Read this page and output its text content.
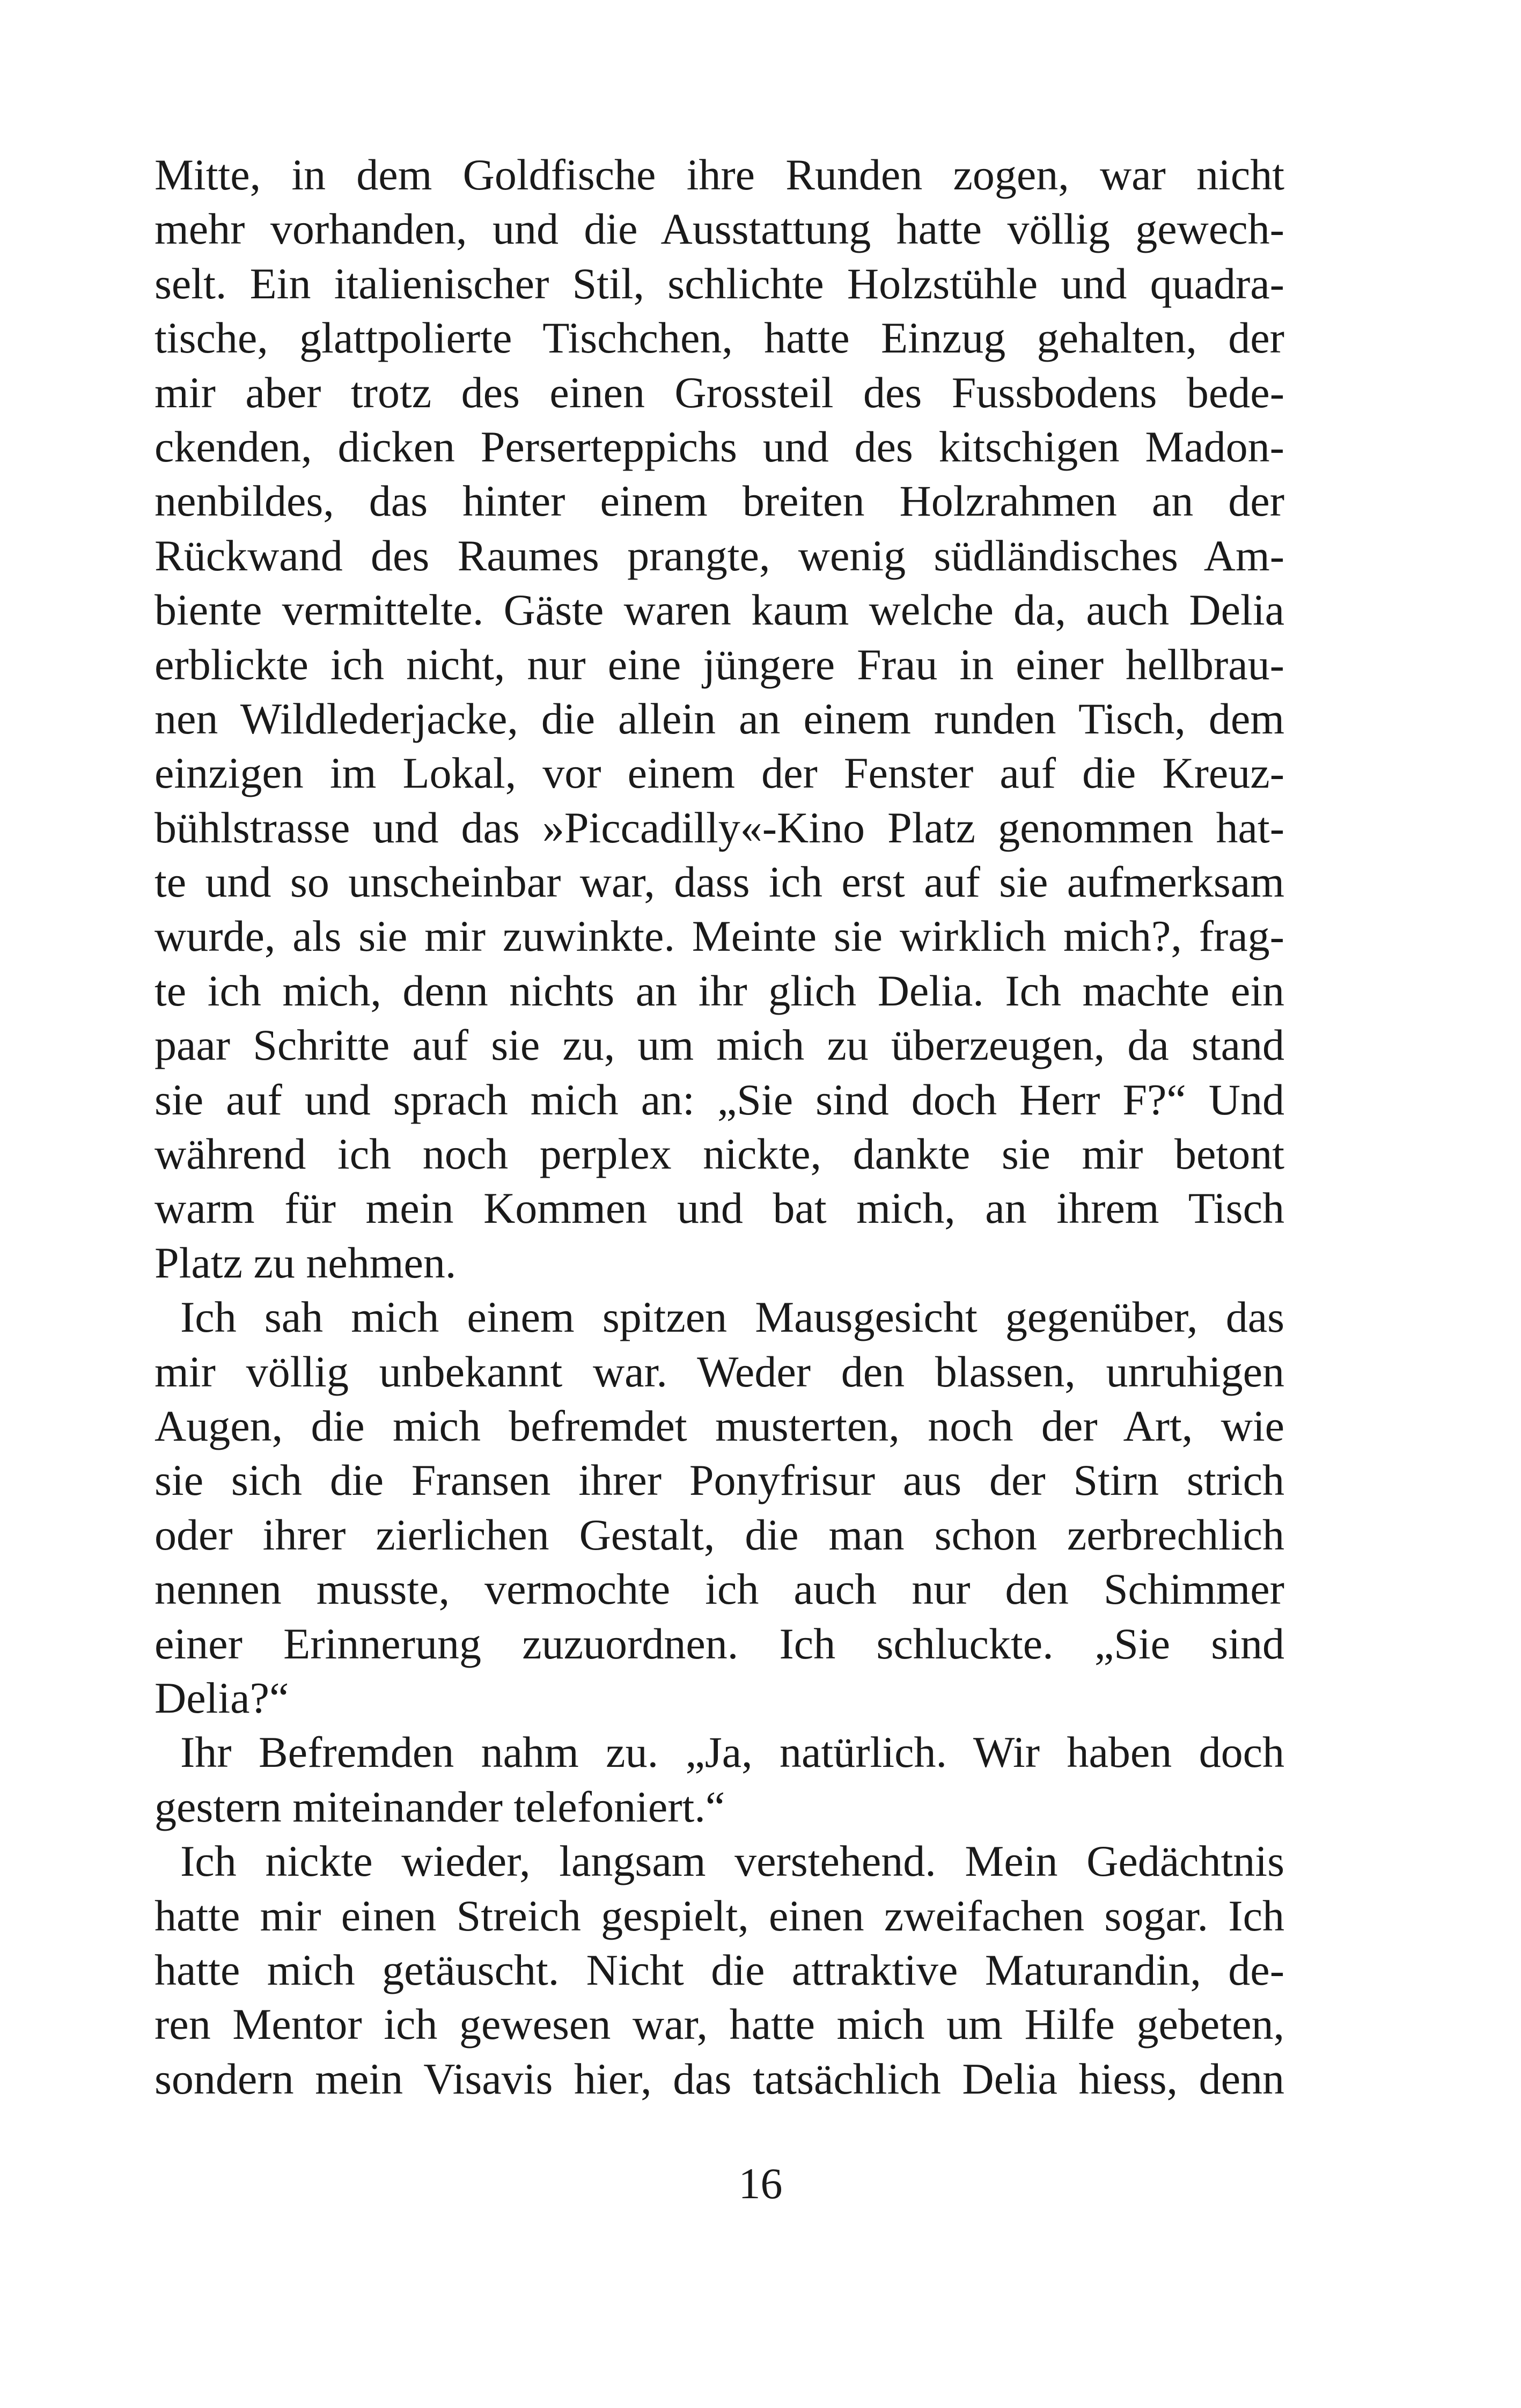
Mitte, in dem Goldfische ihre Runden zogen, war nicht
mehr vorhanden, und die Ausstattung hatte völlig gewech-
selt. Ein italienischer Stil, schlichte Holzstühle und quadra-
tische, glattpolierte Tischchen, hatte Einzug gehalten, der
mir aber trotz des einen Grossteil des Fussbodens bede-
ckenden, dicken Perserteppichs und des kitschigen Madon-
nenbildes, das hinter einem breiten Holzrahmen an der
Rückwand des Raumes prangte, wenig südländisches Am-
biente vermittelte. Gäste waren kaum welche da, auch Delia
erblickte ich nicht, nur eine jüngere Frau in einer hellbrau-
nen Wildlederjacke, die allein an einem runden Tisch, dem
einzigen im Lokal, vor einem der Fenster auf die Kreuz-
bühlstrasse und das »Piccadilly«-Kino Platz genommen hat-
te und so unscheinbar war, dass ich erst auf sie aufmerksam
wurde, als sie mir zuwinkte. Meinte sie wirklich mich?, frag-
te ich mich, denn nichts an ihr glich Delia. Ich machte ein
paar Schritte auf sie zu, um mich zu überzeugen, da stand
sie auf und sprach mich an: „Sie sind doch Herr F?“ Und
während ich noch perplex nickte, dankte sie mir betont
warm für mein Kommen und bat mich, an ihrem Tisch
Platz zu nehmen.
Ich sah mich einem spitzen Mausgesicht gegenüber, das
mir völlig unbekannt war. Weder den blassen, unruhigen
Augen, die mich befremdet musterten, noch der Art, wie
sie sich die Fransen ihrer Ponyfrisur aus der Stirn strich
oder ihrer zierlichen Gestalt, die man schon zerbrechlich
nennen musste, vermochte ich auch nur den Schimmer
einer Erinnerung zuzuordnen. Ich schluckte. „Sie sind
Delia?“
Ihr Befremden nahm zu. „Ja, natürlich. Wir haben doch
gestern miteinander telefoniert.“
Ich nickte wieder, langsam verstehend. Mein Gedächtnis
hatte mir einen Streich gespielt, einen zweifachen sogar. Ich
hatte mich getäuscht. Nicht die attraktive Maturandin, de-
ren Mentor ich gewesen war, hatte mich um Hilfe gebeten,
sondern mein Visavis hier, das tatsächlich Delia hiess, denn
16
